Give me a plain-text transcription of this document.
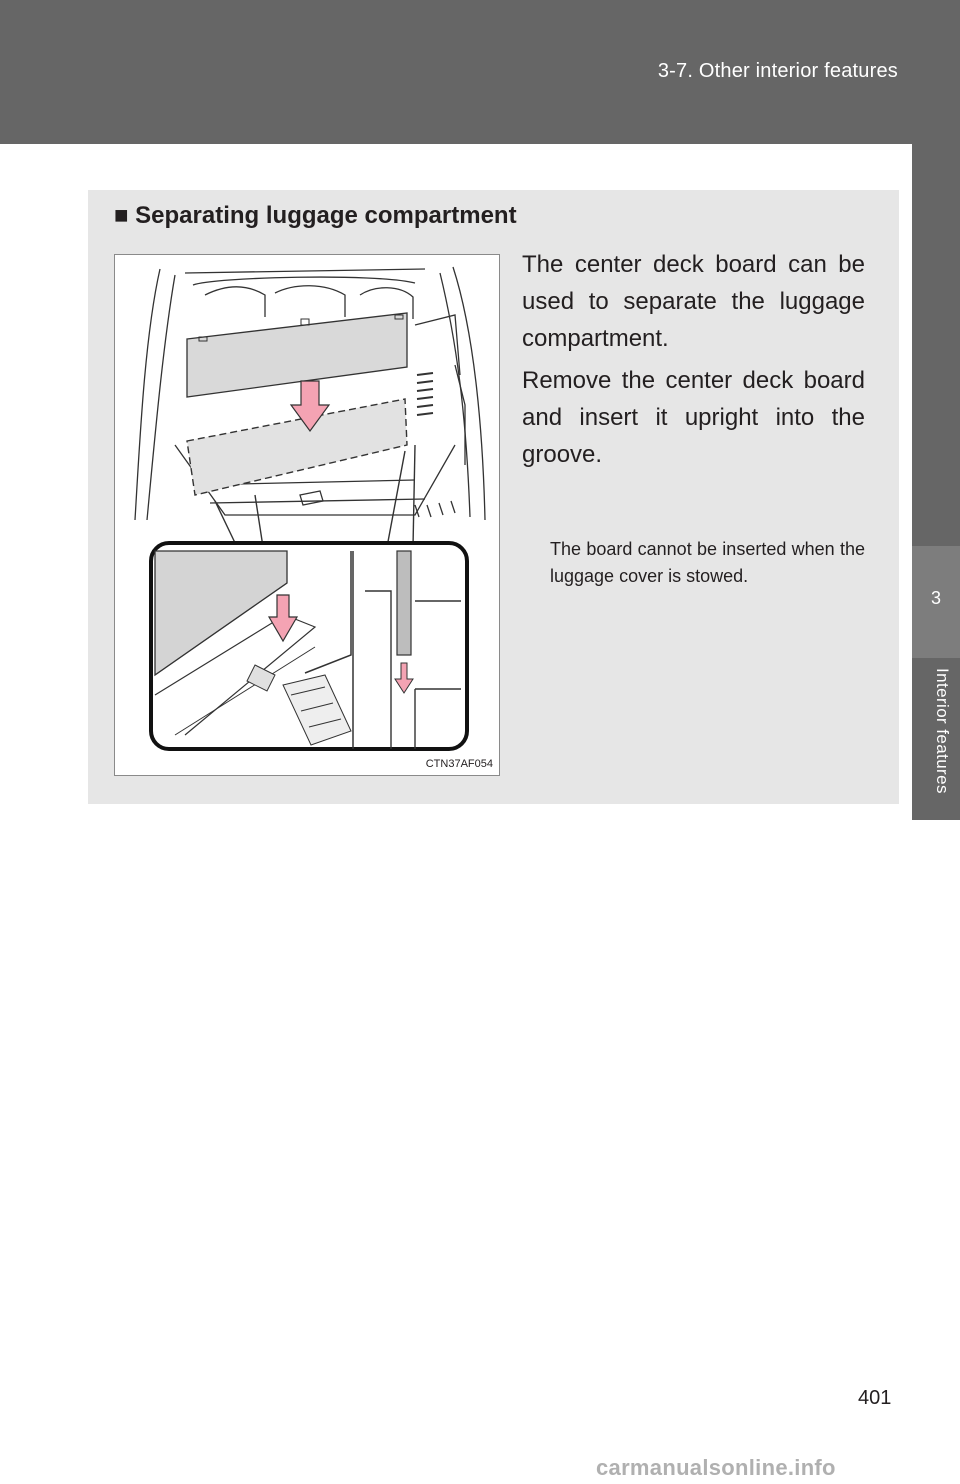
3-7. Other interior features
3
Interior features
■ Separating luggage compartment
CTN37AF054

The center deck board can be used to separate the luggage compartment.

Remove the center deck board and insert it upright into the groove.

The board cannot be inserted when the luggage cover is stowed.

401
carmanualsonline.info
